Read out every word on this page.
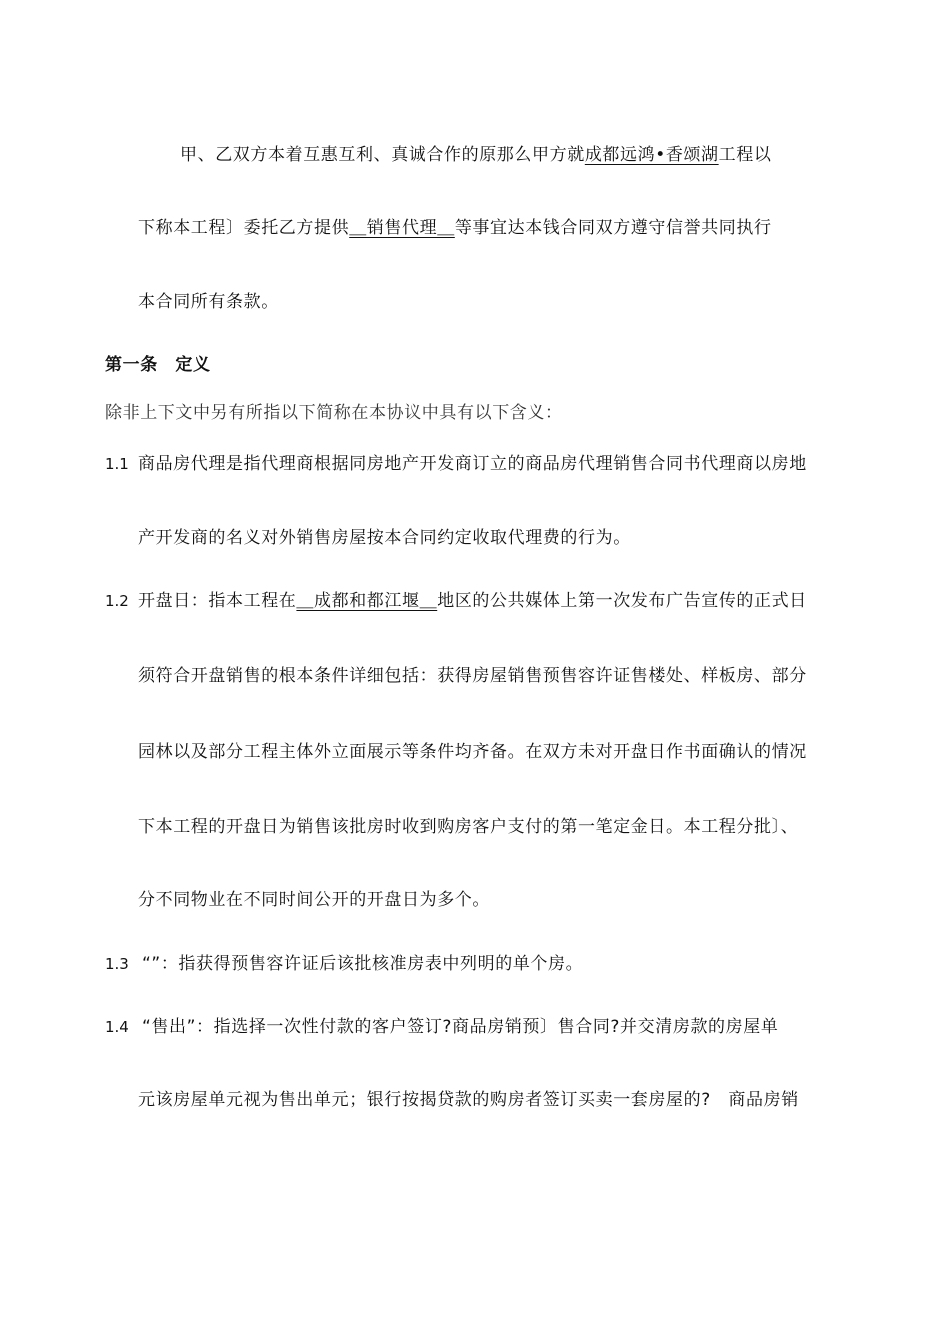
甲、乙双方本着互惠互利、真诚合作的原那么甲方就成都远鸿•香颂湖工程以
下称本工程〕委托乙方提供＿销售代理＿等事宜达本钱合同双方遵守信誉共同执行
本合同所有条款。
第一条　定义
除非上下文中另有所指以下简称在本协议中具有以下含义：
1.1 商品房代理是指代理商根据同房地产开发商订立的商品房代理销售合同书代理商以房地
产开发商的名义对外销售房屋按本合同约定收取代理费的行为。
1.2 开盘日：指本工程在＿成都和都江堰＿地区的公共媒体上第一次发布广告宣传的正式日
须符合开盘销售的根本条件详细包括：获得房屋销售预售容许证售楼处、样板房、部分
园林以及部分工程主体外立面展示等条件均齐备。在双方未对开盘日作书面确认的情况
下本工程的开盘日为销售该批房时收到购房客户支付的第一笔定金日。本工程分批〕、
分不同物业在不同时间公开的开盘日为多个。
1.3 “”：指获得预售容许证后该批核准房表中列明的单个房。
1.4 “售出”：指选择一次性付款的客户签订?商品房销预〕售合同?并交清房款的房屋单
元该房屋单元视为售出单元；银行按揭贷款的购房者签订买卖一套房屋的?　商品房销
